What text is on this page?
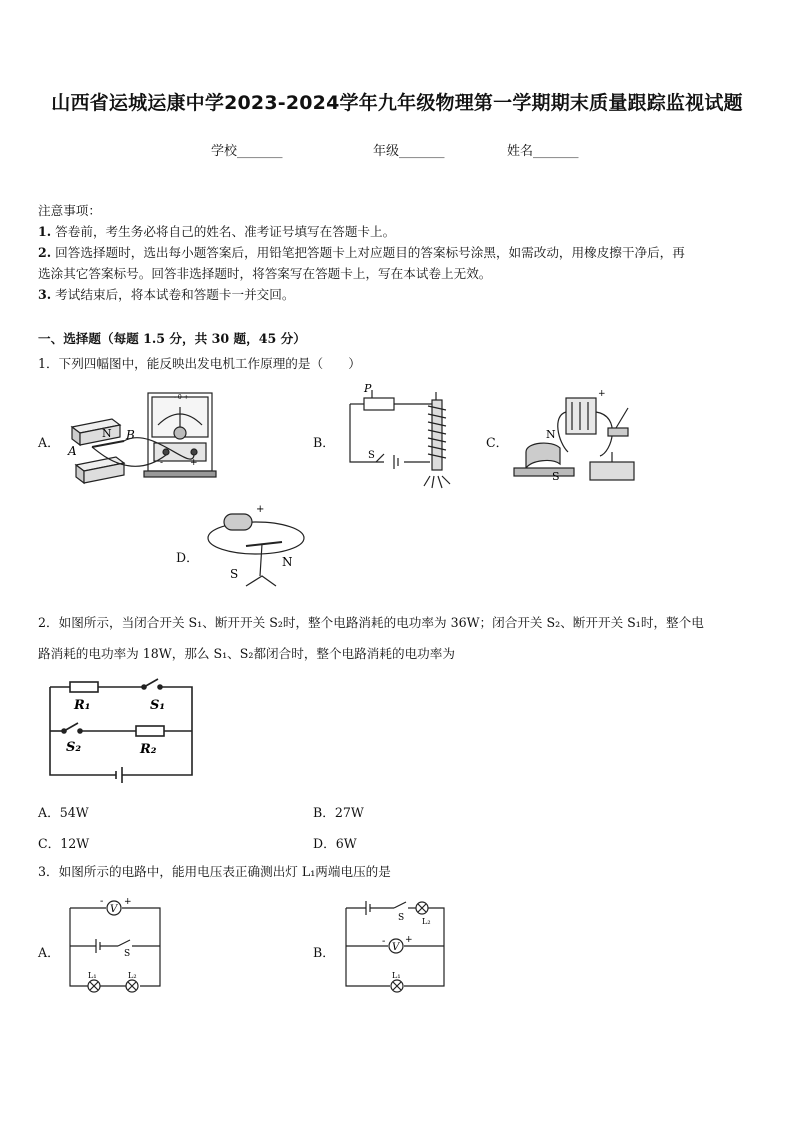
山西省运城运康中学2023-2024学年九年级物理第一学期期末质量跟踪监视试题
学校_______	年级_______	姓名_______
注意事项：
1. 答卷前，考生务必将自己的姓名、准考证号填写在答题卡上。
2. 回答选择题时，选出每小题答案后，用铅笔把答题卡上对应题目的答案标号涂黑，如需改动，用橡皮擦干净后，再
选涂其它答案标号。回答非选择题时，将答案写在答题卡上，写在本试卷上无效。
3. 考试结束后，将本试卷和答题卡一并交回。
一、选择题（每题 1.5 分，共 30 题，45 分）
1．下列四幅图中，能反映出发电机工作原理的是（　　）
A．
N
A
B
- 0 +
-	+
B．
P
S
C．
+
N
S
D．
+
S
N
2．如图所示，当闭合开关 S₁、断开开关 S₂时，整个电路消耗的电功率为 36W；闭合开关 S₂、断开开关 S₁时，整个电
路消耗的电功率为 18W，那么 S₁、S₂都闭合时，整个电路消耗的电功率为
R₁	S₁
S₂	R₂
A．54W	B．27W
C．12W	D．6W
3．如图所示的电路中，能用电压表正确测出灯 L₁两端电压的是
A．
V
- +
S
L₁	L₂
B．
S L₂
V
- +
L₁
